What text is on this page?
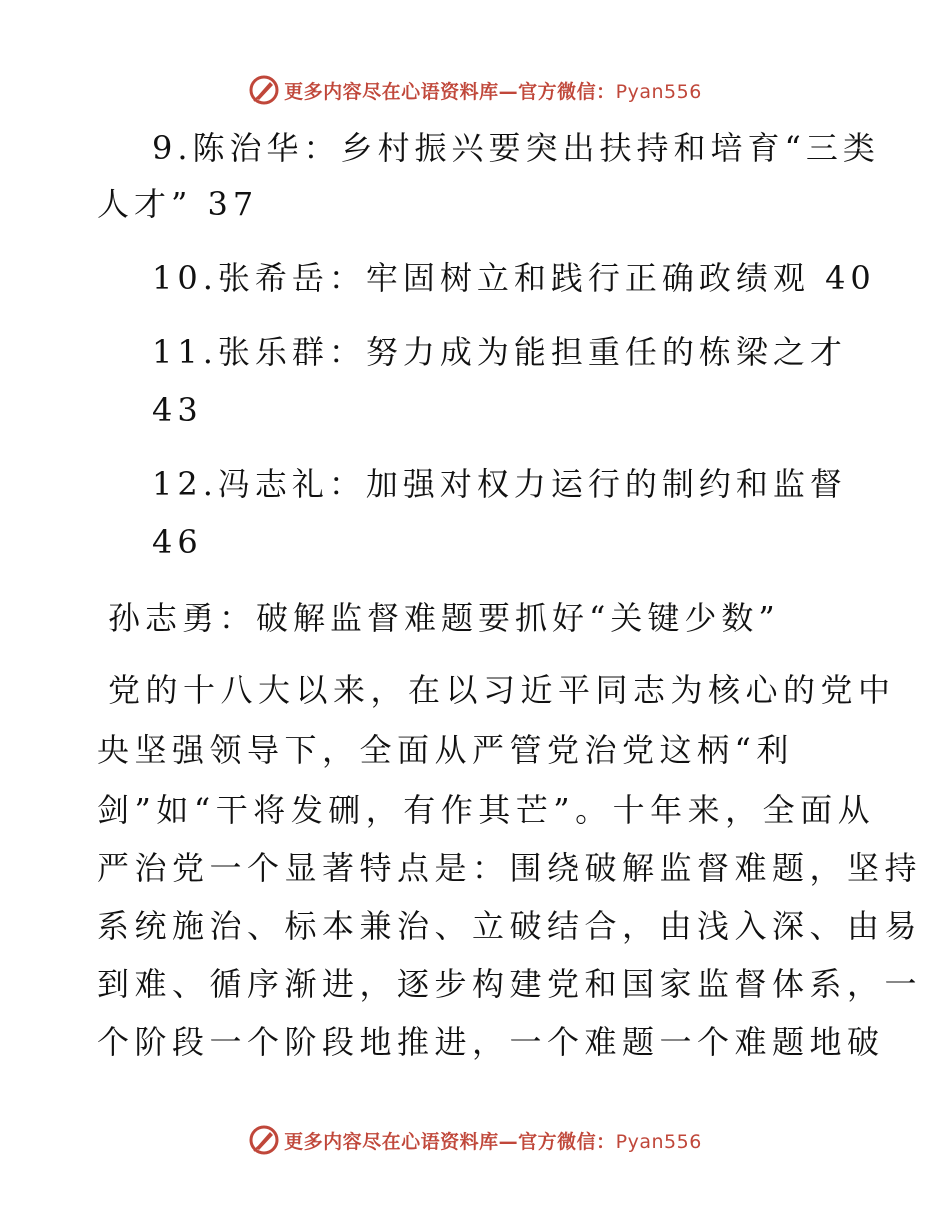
更多内容尽在心语资料库—官方微信：Pyan556
9.陈治华：乡村振兴要突出扶持和培育“三类
人才” 37
10.张希岳：牢固树立和践行正确政绩观 40
11.张乐群：努力成为能担重任的栋梁之才
43
12.冯志礼：加强对权力运行的制约和监督
46
孙志勇：破解监督难题要抓好“关键少数”
党的十八大以来，在以习近平同志为核心的党中
央坚强领导下，全面从严管党治党这柄“利
剑”如“干将发硎，有作其芒”。十年来，全面从
严治党一个显著特点是：围绕破解监督难题，坚持
系统施治、标本兼治、立破结合，由浅入深、由易
到难、循序渐进，逐步构建党和国家监督体系，一
个阶段一个阶段地推进，一个难题一个难题地破
更多内容尽在心语资料库—官方微信：Pyan556
